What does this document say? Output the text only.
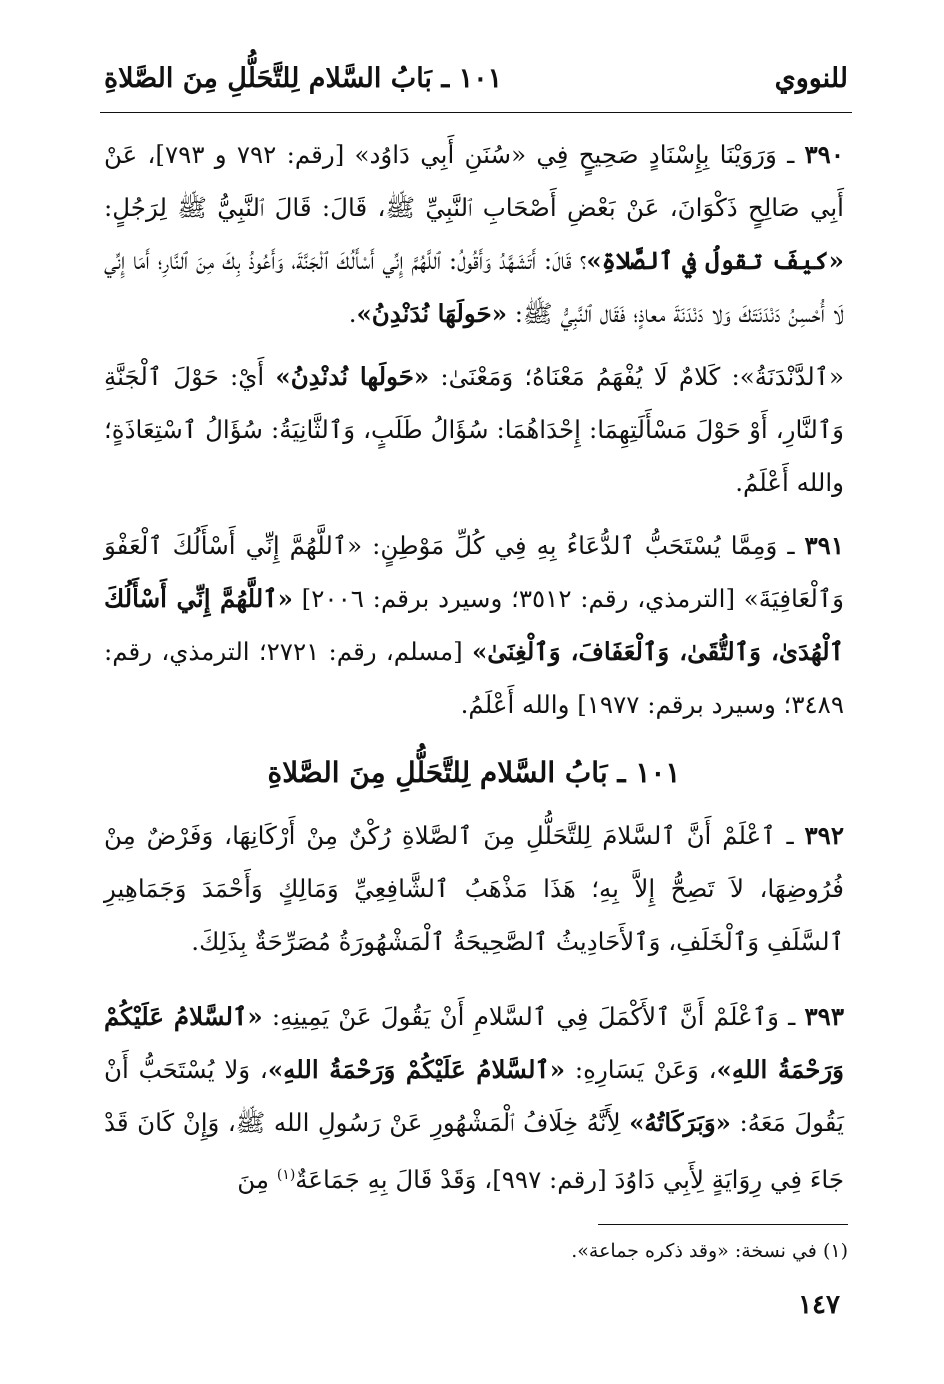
للنووي
١٠١ ـ بَابُ السَّلام لِلتَّحَلُّلِ مِنَ الصَّلاةِ

٣٩٠ ـ وَرَوَيْنَا بِإِسْنَادٍ صَحِيحٍ فِي «سُنَنِ أَبِي دَاوُد» [رقم: ٧٩٢ و ٧٩٣]، عَنْ أَبِي صَالِحٍ ذَكْوَانَ، عَنْ بَعْضِ أَصْحَابِ ٱلنَّبِيِّ ﷺ، قَالَ: قَالَ ٱلنَّبِيُّ ﷺ لِرَجُلٍ: «كيفَ تقولُ في ٱلصَّلاةِ»؟ قَالَ: أَتَشَهَّدُ وَأَقُولُ: ٱللَّهُمَّ إِنِّي أَسْأَلُكَ ٱلْجَنَّةَ، وَأَعُوذُ بِكَ مِنَ ٱلنَّارِ؛ أَمَا إِنِّي لَا أُحْسِنُ دَنْدَنَتَكَ وَلا دَنْدَنَةَ معاذٍ؛ فَقَال ٱلنَّبِيُّ ﷺ: «حَولَهَا نُدَنْدِنُ».

«ٱلدَّنْدَنَةُ»: كَلامٌ لَا يُفْهَمُ مَعْنَاهُ؛ وَمَعْنَىٰ: «حَولَها نُدنْدِنُ» أَيْ: حَوْلَ ٱلْجَنَّةِ وَٱلنَّارِ، أَوْ حَوْلَ مَسْأَلَتِهِمَا: إِحْدَاهُمَا: سُؤَالُ طَلَبٍ، وَٱلثَّانِيَةُ: سُؤَالُ ٱسْتِعَاذَةٍ؛ والله أَعْلَمُ.

٣٩١ ـ وَمِمَّا يُسْتَحَبُّ ٱلدُّعَاءُ بِهِ فِي كُلِّ مَوْطِنٍ: «ٱللَّهُمَّ إِنِّي أَسْأَلُكَ ٱلْعَفْوَ وَٱلْعَافِيَةَ» [الترمذي، رقم: ٣٥١٢؛ وسيرد برقم: ٢٠٠٦] «ٱللَّهُمَّ إِنِّي أَسْأَلُكَ ٱلْهُدَىٰ، وَٱلتُّقَىٰ، وَٱلْعَفَافَ، وَٱلْغِنَىٰ» [مسلم، رقم: ٢٧٢١؛ الترمذي، رقم: ٣٤٨٩؛ وسيرد برقم: ١٩٧٧] والله أَعْلَمُ.

١٠١ ـ بَابُ السَّلام لِلتَّحَلُّلِ مِنَ الصَّلاةِ

٣٩٢ ـ ٱعْلَمْ أَنَّ ٱلسَّلامَ لِلتَّحَلُّلِ مِنَ ٱلصَّلاةِ رُكْنٌ مِنْ أَرْكَانِهَا، وَفَرْضٌ مِنْ فُرُوضِهَا، لاَ تَصِحُّ إِلاَّ بِهِ؛ هَذَا مَذْهَبُ ٱلشَّافِعِيِّ وَمَالِكٍ وَأَحْمَدَ وَجَمَاهِيرِ ٱلسَّلَفِ وَٱلْخَلَفِ، وَٱلأَحَادِيثُ ٱلصَّحِيحَةُ ٱلْمَشْهُورَةُ مُصَرِّحَةٌ بِذَلِكَ.

٣٩٣ ـ وَٱعْلَمْ أَنَّ ٱلأَكْمَلَ فِي ٱلسَّلامِ أَنْ يَقُولَ عَنْ يَمِينِهِ: «ٱلسَّلامُ عَلَيْكُمْ وَرَحْمَةُ اللهِ»، وَعَنْ يَسَارِهِ: «ٱلسَّلامُ عَلَيْكُمْ وَرَحْمَةُ اللهِ»، وَلا يُسْتَحَبُّ أَنْ يَقُولَ مَعَهُ: «وَبَرَكَاتُهُ» لِأَنَّهُ خِلَافُ ٱلْمَشْهُورِ عَنْ رَسُولِ الله ﷺ، وَإِنْ كَانَ قَدْ جَاءَ فِي رِوَايَةٍ لِأَبِي دَاوُدَ [رقم: ٩٩٧]، وَقَدْ قَالَ بِهِ جَمَاعَةٌ$^{(١)}$ مِنَ

(١) في نسخة: «وقد ذكره جماعة».
١٤٧
